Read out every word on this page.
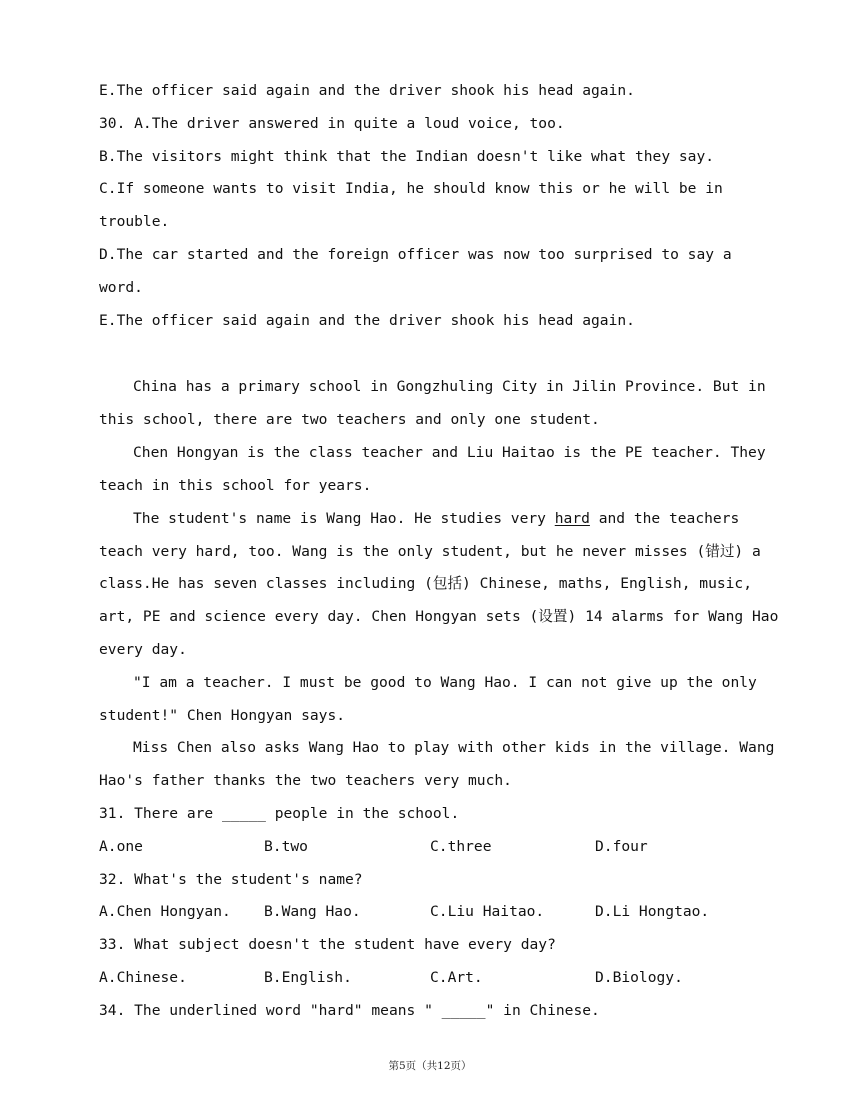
E.The officer said again and the driver shook his head again.
30. A.The driver answered in quite a loud voice, too.
B.The visitors might think that the Indian doesn't like what they say.
C.If someone wants to visit India, he should know this or he will be in
trouble.
D.The car started and the foreign officer was now too surprised to say a
word.
E.The officer said again and the driver shook his head again.
China has a primary school in Gongzhuling City in Jilin Province. But in
this school, there are two teachers and only one student.
Chen Hongyan is the class teacher and Liu Haitao is the PE teacher. They
teach in this school for years.
The student's name is Wang Hao. He studies very hard and the teachers
teach very hard, too. Wang is the only student, but he never misses (错过) a
class.He has seven classes including (包括) Chinese, maths, English, music,
art, PE and science every day. Chen Hongyan sets (设置) 14 alarms for Wang Hao
every day.
"I am a teacher. I must be good to Wang Hao. I can not give up the only
student!" Chen Hongyan says.
Miss Chen also asks Wang Hao to play with other kids in the village. Wang
Hao's father thanks the two teachers very much.
31. There are _____ people in the school.
A.one	B.two	C.three	D.four
32. What's the student's name?
A.Chen Hongyan. B.Wang Hao.	C.Liu Haitao.	D.Li Hongtao.
33. What subject doesn't the student have every day?
A.Chinese.	B.English.	C.Art.	D.Biology.
34. The underlined word "hard" means " _____" in Chinese.
第5页（共12页）
